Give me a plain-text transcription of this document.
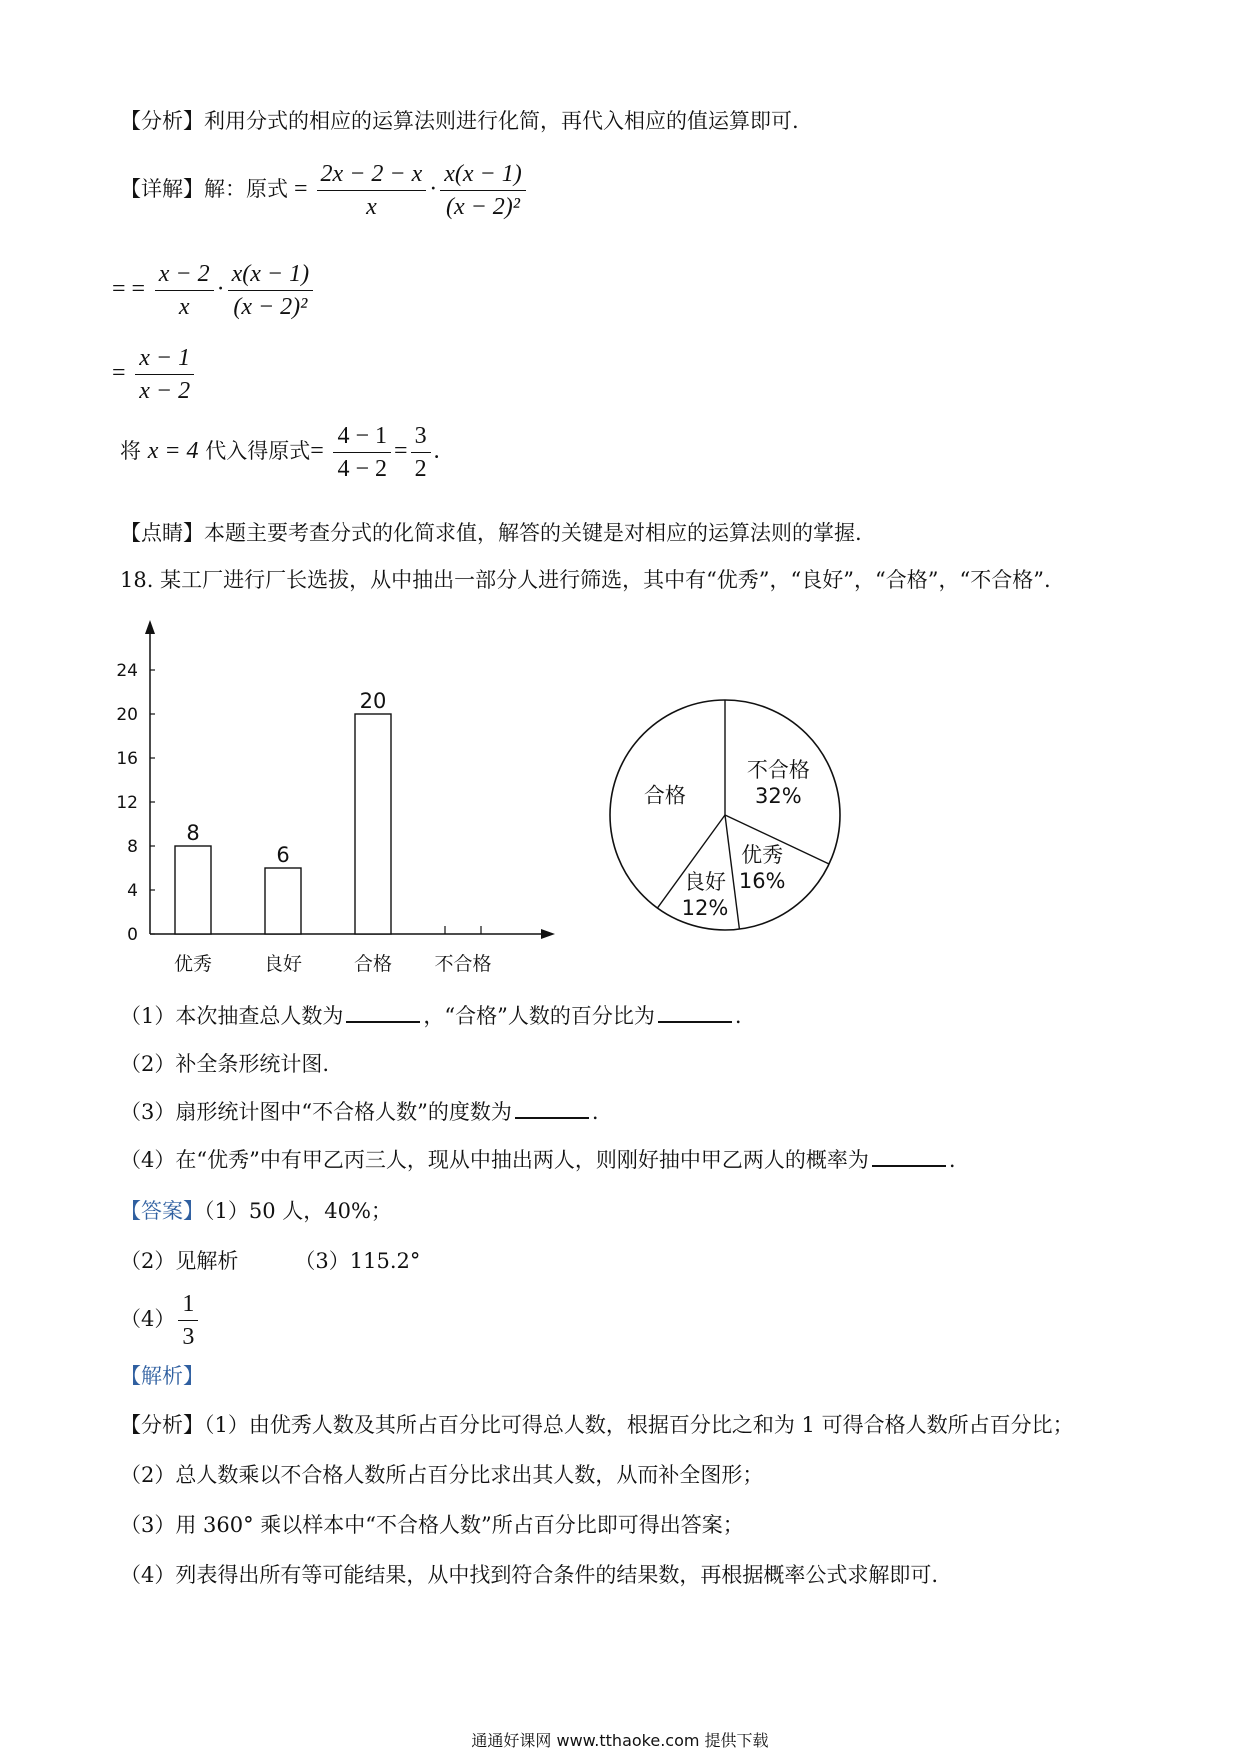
【分析】利用分式的相应的运算法则进行化简，再代入相应的值运算即可.
【详解】解：原式 = $\frac{2x - 2 - x}{x} \cdot \frac{x(x - 1)}{\text{(x − 2)²}}$
= = $\frac{x - 2}{x} \cdot \frac{x(x - 1)}{\text{(x − 2)²}}$
= $\frac{x - 1}{x - 2}$
将 x = 4 代入得原式= $\frac{4 - 1}{4 - 2} = \frac{3}{2}$ .
【点睛】本题主要考查分式的化简求值，解答的关键是对相应的运算法则的掌握.
18. 某工厂进行厂长选拔，从中抽出一部分人进行筛选，其中有“优秀”，“良好”，“合格”，“不合格”.
0
4
8
12
16
20
24
8
6
20
优秀	良好	合格 不合格
不合格
32%
优秀
16%
良好
12%
合格
（1）本次抽查总人数为	，“合格”人数的百分比为	.
（2）补全条形统计图.
（3）扇形统计图中“不合格人数”的度数为	.
（4）在“优秀”中有甲乙丙三人，现从中抽出两人，则刚好抽中甲乙两人的概率为	.
【答案】（1）50 人，40%；
（2）见解析	（3）115.2°
$(4) \frac{1}{3}$
【解析】
【分析】（1）由优秀人数及其所占百分比可得总人数，根据百分比之和为 1 可得合格人数所占百分比；
（2）总人数乘以不合格人数所占百分比求出其人数，从而补全图形；
（3）用 360° 乘以样本中“不合格人数”所占百分比即可得出答案；
（4）列表得出所有等可能结果，从中找到符合条件的结果数，再根据概率公式求解即可.
通通好课网 www.tthaoke.com 提供下载
